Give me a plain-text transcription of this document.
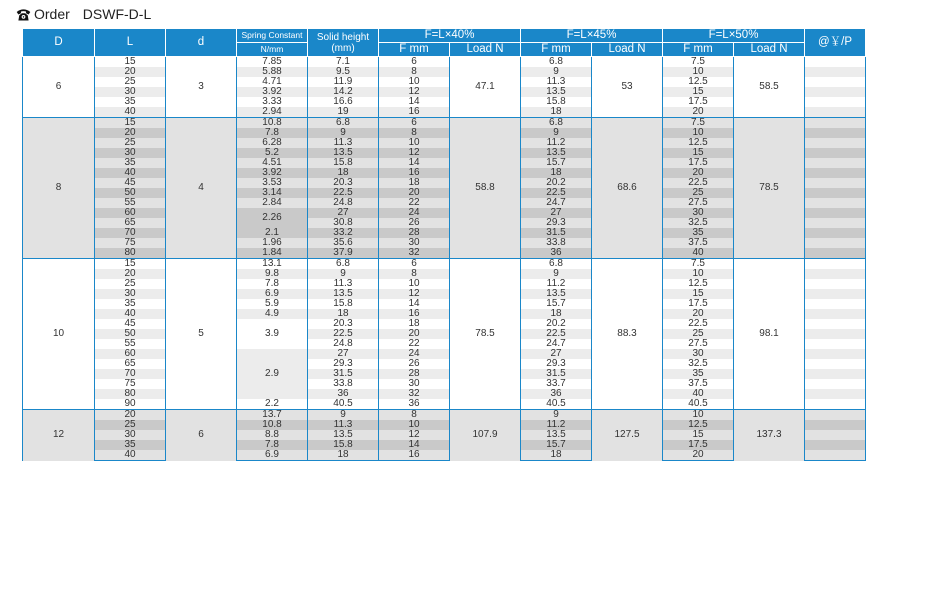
Order DSWF-D-L
D	L	d	Spring Constant	Solid height
(mm)	F=L×40%		F=L×45%		F=L×50%		@￥/P
			N/mm		F mm	Load N	F mm	Load N	F mm	Load N	
6	15	3	7.85	7.1	6	47.1	6.8	53	7.5	58.5	
	20		5.88	9.5	8		9		10		
	25		4.71	11.9	10		11.3		12.5		
	30		3.92	14.2	12		13.5		15		
	35		3.33	16.6	14		15.8		17.5		
	40		2.94	19	16		18		20		
8	15	4	10.8	6.8	6	58.8	6.8	68.6	7.5	78.5	
	20		7.8	9	8		9		10		
	25		6.28	11.3	10		11.2		12.5		
	30		5.2	13.5	12		13.5		15		
	35		4.51	15.8	14		15.7		17.5		
	40		3.92	18	16		18		20		
	45		3.53	20.3	18		20.2		22.5		
	50		3.14	22.5	20		22.5		25		
	55		2.84	24.8	22		24.7		27.5		
	60		2.26	27	24		27		30		
	65			30.8	26		29.3		32.5		
	70		2.1	33.2	28		31.5		35		
	75		1.96	35.6	30		33.8		37.5		
	80		1.84	37.9	32		36		40		
10	15	5	13.1	6.8	6	78.5	6.8	88.3	7.5	98.1	
	20		9.8	9	8		9		10		
	25		7.8	11.3	10		11.2		12.5		
	30		6.9	13.5	12		13.5		15		
	35		5.9	15.8	14		15.7		17.5		
	40		4.9	18	16		18		20		
	45		3.9	20.3	18		20.2		22.5		
	50			22.5	20		22.5		25		
	55			24.8	22		24.7		27.5		
	60		2.9	27	24		27		30		
	65			29.3	26		29.3		32.5		
	70			31.5	28		31.5		35		
	75			33.8	30		33.7		37.5		
	80			36	32		36		40		
	90		2.2	40.5	36		40.5		40.5		
12	20	6	13.7	9	8	107.9	9	127.5	10	137.3	
	25		10.8	11.3	10		11.2		12.5		
	30		8.8	13.5	12		13.5		15		
	35		7.8	15.8	14		15.7		17.5		
	40		6.9	18	16		18		20		
